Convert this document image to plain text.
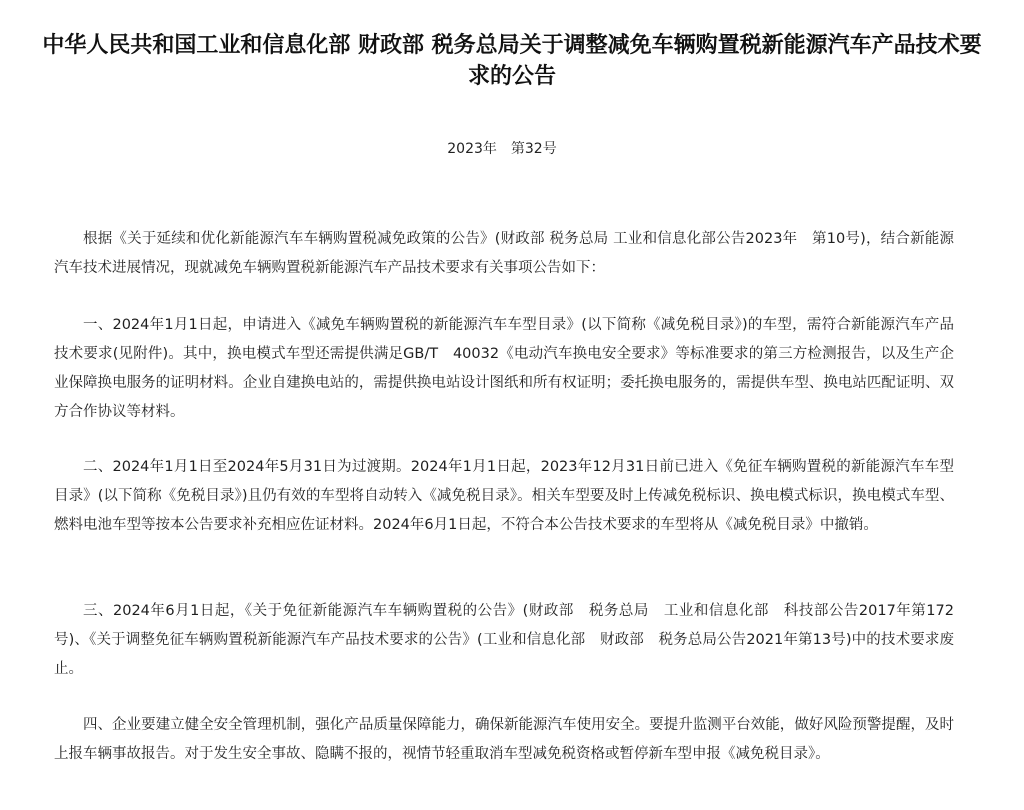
中华人民共和国工业和信息化部 财政部 税务总局关于调整减免车辆购置税新能源汽车产品技术要求的公告
2023年　第32号

根据《关于延续和优化新能源汽车车辆购置税减免政策的公告》(财政部 税务总局 工业和信息化部公告2023年　第10号)，结合新能源汽车技术进展情况，现就减免车辆购置税新能源汽车产品技术要求有关事项公告如下：

一、2024年1月1日起，申请进入《减免车辆购置税的新能源汽车车型目录》(以下简称《减免税目录》)的车型，需符合新能源汽车产品技术要求(见附件)。其中，换电模式车型还需提供满足GB/T　40032《电动汽车换电安全要求》等标准要求的第三方检测报告，以及生产企业保障换电服务的证明材料。企业自建换电站的，需提供换电站设计图纸和所有权证明；委托换电服务的，需提供车型、换电站匹配证明、双方合作协议等材料。

二、2024年1月1日至2024年5月31日为过渡期。2024年1月1日起，2023年12月31日前已进入《免征车辆购置税的新能源汽车车型目录》(以下简称《免税目录》)且仍有效的车型将自动转入《减免税目录》。相关车型要及时上传减免税标识、换电模式标识，换电模式车型、燃料电池车型等按本公告要求补充相应佐证材料。2024年6月1日起，不符合本公告技术要求的车型将从《减免税目录》中撤销。

三、2024年6月1日起，《关于免征新能源汽车车辆购置税的公告》(财政部　税务总局　工业和信息化部　科技部公告2017年第172号)、《关于调整免征车辆购置税新能源汽车产品技术要求的公告》(工业和信息化部　财政部　税务总局公告2021年第13号)中的技术要求废止。

四、企业要建立健全安全管理机制，强化产品质量保障能力，确保新能源汽车使用安全。要提升监测平台效能，做好风险预警提醒，及时上报车辆事故报告。对于发生安全事故、隐瞒不报的，视情节轻重取消车型减免税资格或暂停新车型申报《减免税目录》。
